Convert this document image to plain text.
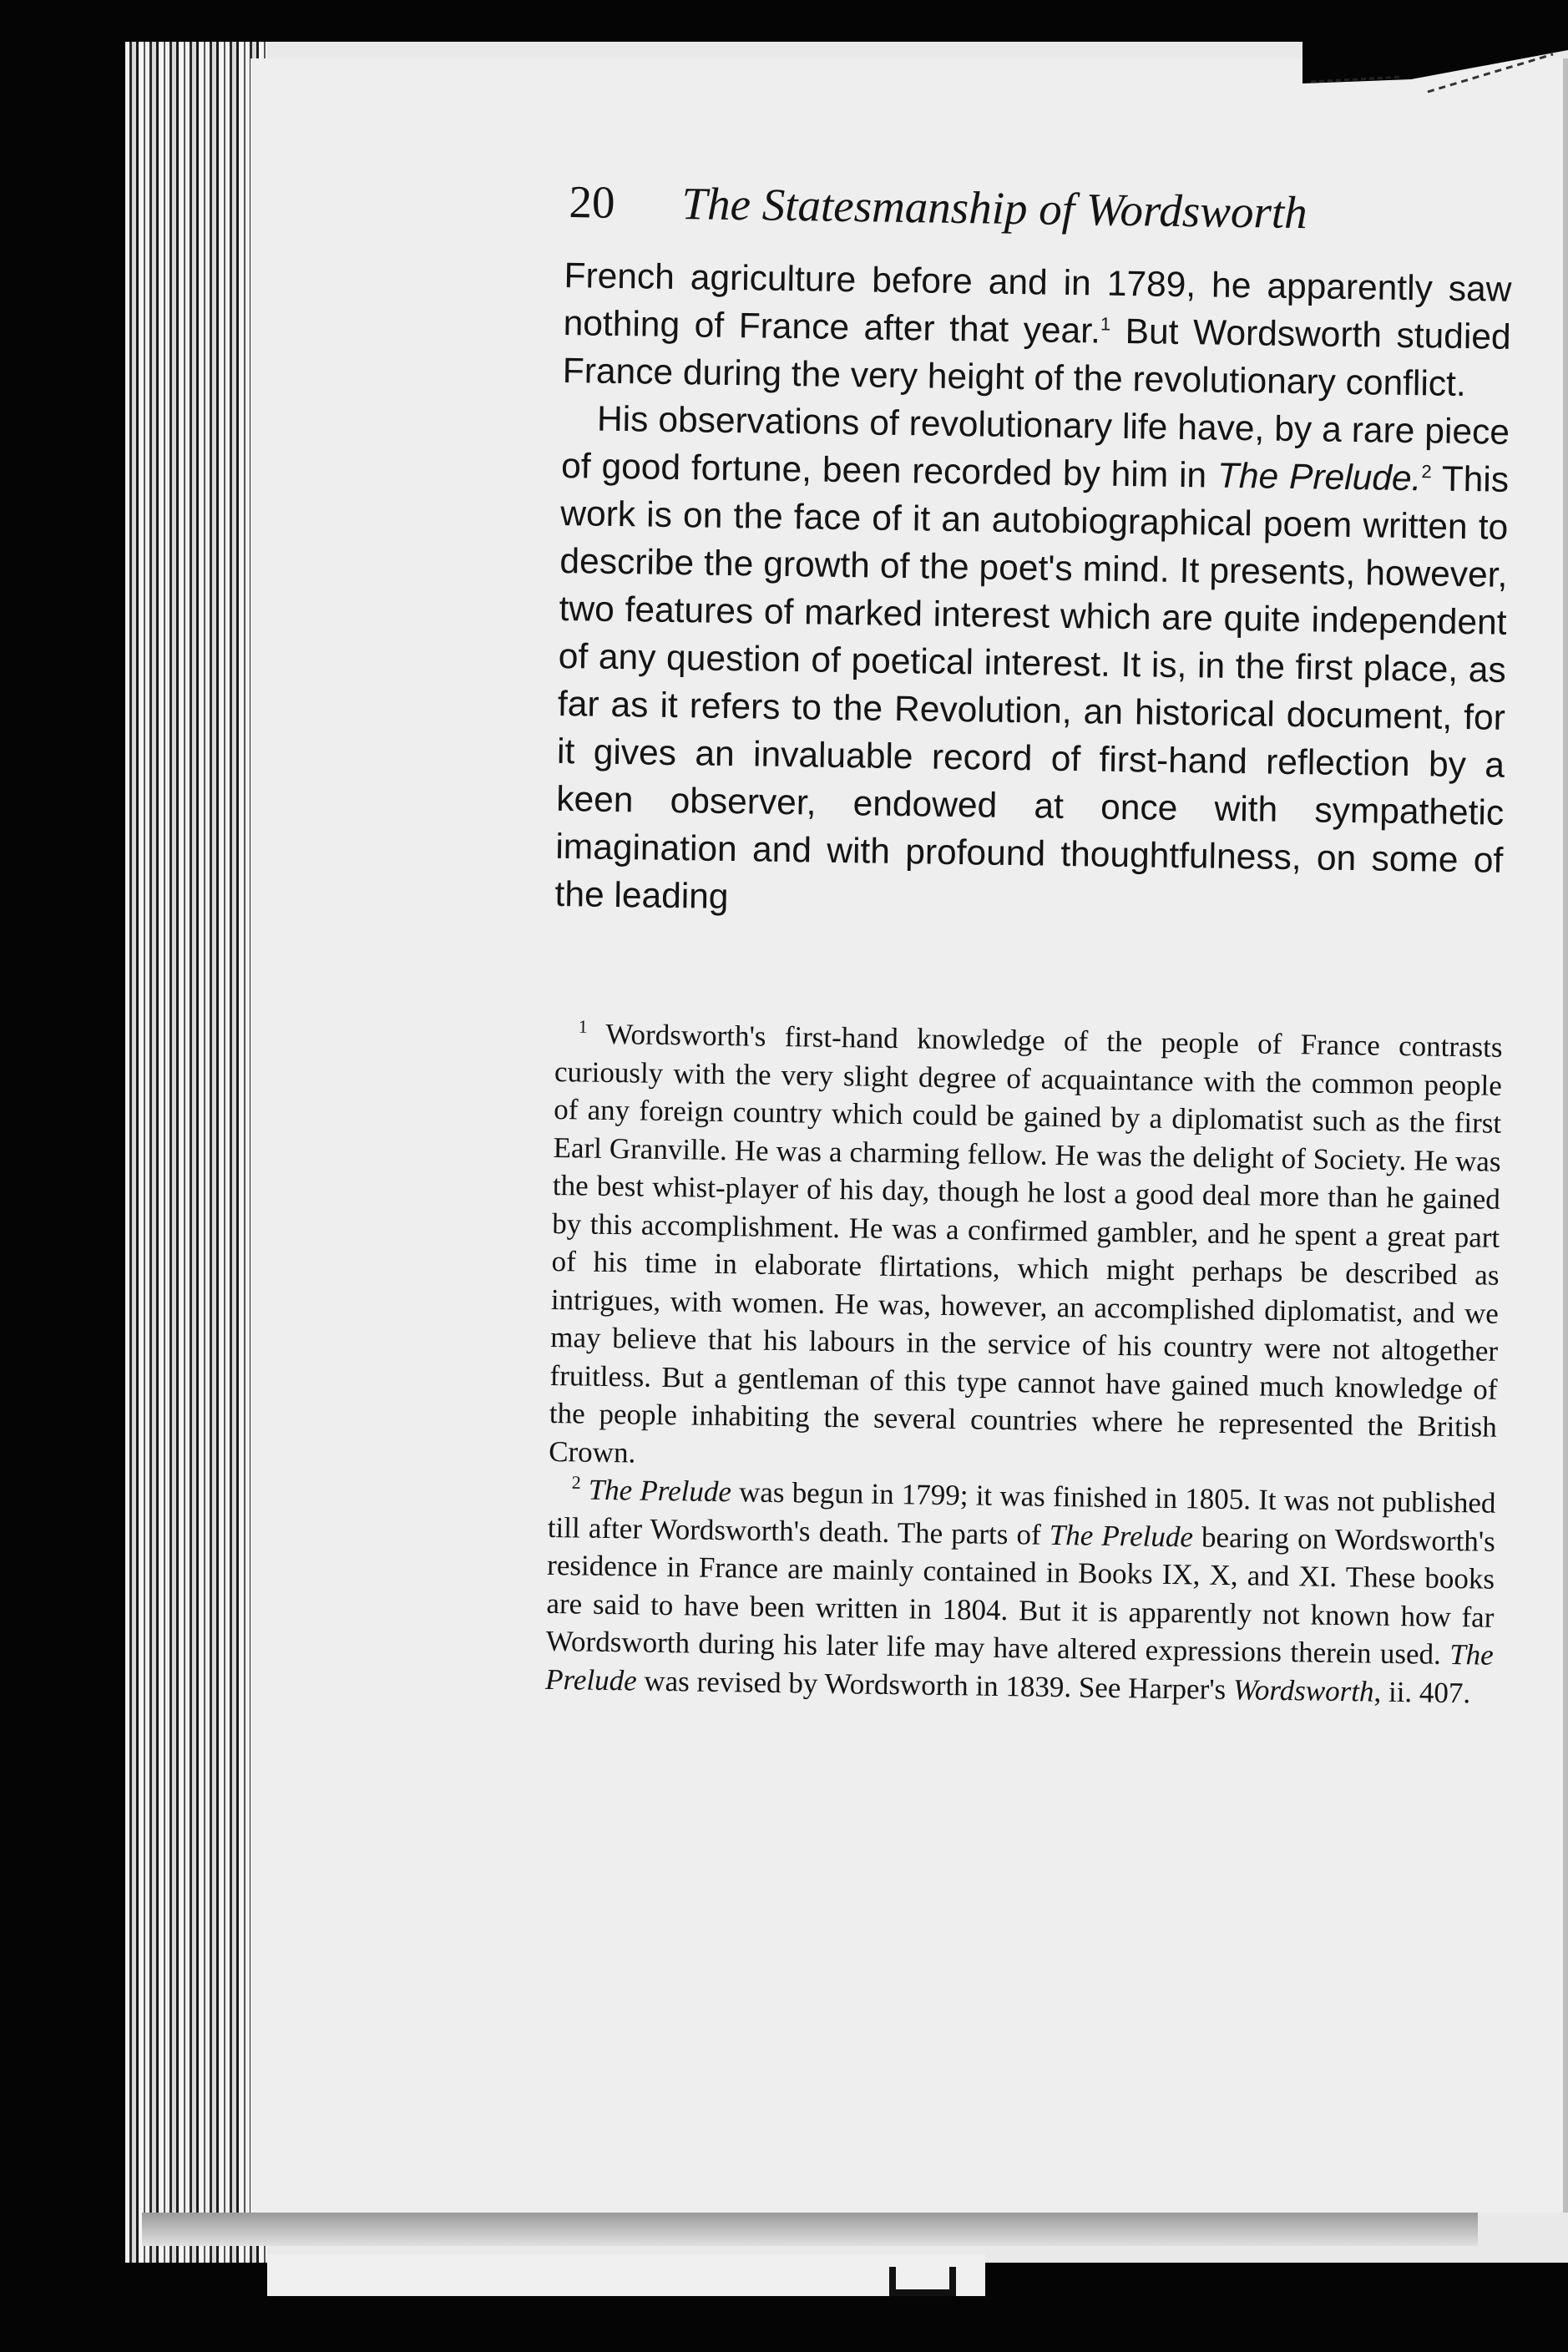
20 The Statesmanship of Wordsworth

French agriculture before and in 1789, he apparently saw nothing of France after that year.$^1$ But Wordsworth studied France during the very height of the revolutionary conflict.

His observations of revolutionary life have, by a rare piece of good fortune, been recorded by him in The Prelude.$^2$ This work is on the face of it an autobiographical poem written to describe the growth of the poet's mind. It presents, however, two features of marked interest which are quite independent of any question of poetical interest. It is, in the first place, as far as it refers to the Revolution, an historical document, for it gives an invaluable record of first-hand reflection by a keen observer, endowed at once with sympathetic imagination and with profound thoughtfulness, on some of the leading

$^1$ Wordsworth's first-hand knowledge of the people of France contrasts curiously with the very slight degree of acquaintance with the common people of any foreign country which could be gained by a diplomatist such as the first Earl Granville. He was a charming fellow. He was the delight of Society. He was the best whist-player of his day, though he lost a good deal more than he gained by this accomplishment. He was a confirmed gambler, and he spent a great part of his time in elaborate flirtations, which might perhaps be described as intrigues, with women. He was, however, an accomplished diplomatist, and we may believe that his labours in the service of his country were not altogether fruitless. But a gentleman of this type cannot have gained much knowledge of the people inhabiting the several countries where he represented the British Crown.

$^2$ The Prelude was begun in 1799; it was finished in 1805. It was not published till after Wordsworth's death. The parts of The Prelude bearing on Wordsworth's residence in France are mainly contained in Books IX, X, and XI. These books are said to have been written in 1804. But it is apparently not known how far Wordsworth during his later life may have altered expressions therein used. The Prelude was revised by Wordsworth in 1839. See Harper's Wordsworth, ii. 407.
